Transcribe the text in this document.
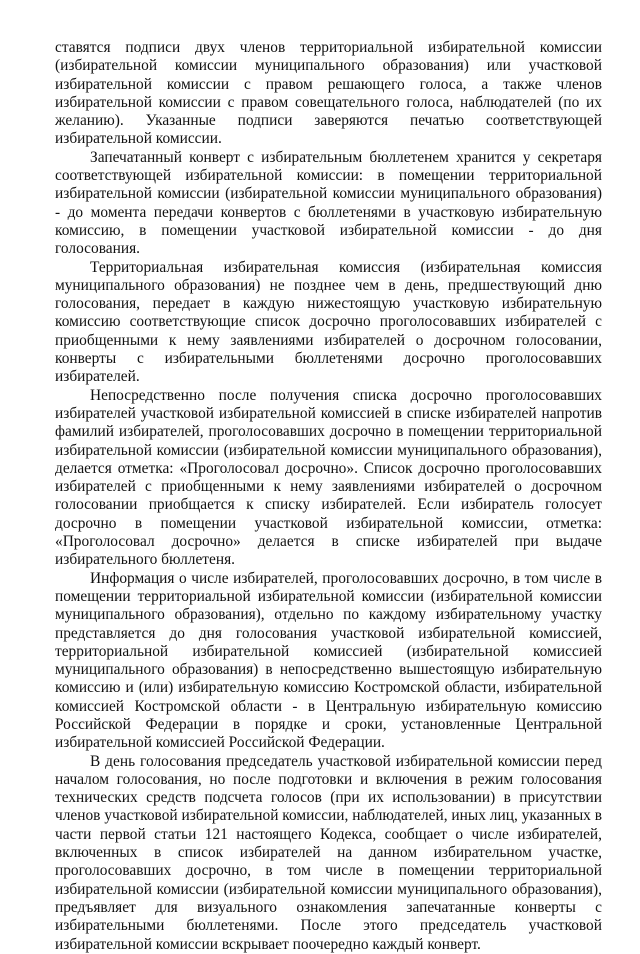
ставятся подписи двух членов территориальной избирательной комиссии (избирательной комиссии муниципального образования) или участковой избирательной комиссии с правом решающего голоса, а также членов избирательной комиссии с правом совещательного голоса, наблюдателей (по их желанию). Указанные подписи заверяются печатью соответствующей избирательной комиссии.

Запечатанный конверт с избирательным бюллетенем хранится у секретаря соответствующей избирательной комиссии: в помещении территориальной избирательной комиссии (избирательной комиссии муниципального образования) - до момента передачи конвертов с бюллетенями в участковую избирательную комиссию, в помещении участковой избирательной комиссии - до дня голосования.

Территориальная избирательная комиссия (избирательная комиссия муниципального образования) не позднее чем в день, предшествующий дню голосования, передает в каждую нижестоящую участковую избирательную комиссию соответствующие список досрочно проголосовавших избирателей с приобщенными к нему заявлениями избирателей о досрочном голосовании, конверты с избирательными бюллетенями досрочно проголосовавших избирателей.

Непосредственно после получения списка досрочно проголосовавших избирателей участковой избирательной комиссией в списке избирателей напротив фамилий избирателей, проголосовавших досрочно в помещении территориальной избирательной комиссии (избирательной комиссии муниципального образования), делается отметка: «Проголосовал досрочно». Список досрочно проголосовавших избирателей с приобщенными к нему заявлениями избирателей о досрочном голосовании приобщается к списку избирателей. Если избиратель голосует досрочно в помещении участковой избирательной комиссии, отметка: «Проголосовал досрочно» делается в списке избирателей при выдаче избирательного бюллетеня.

Информация о числе избирателей, проголосовавших досрочно, в том числе в помещении территориальной избирательной комиссии (избирательной комиссии муниципального образования), отдельно по каждому избирательному участку представляется до дня голосования участковой избирательной комиссией, территориальной избирательной комиссией (избирательной комиссией муниципального образования) в непосредственно вышестоящую избирательную комиссию и (или) избирательную комиссию Костромской области, избирательной комиссией Костромской области - в Центральную избирательную комиссию Российской Федерации в порядке и сроки, установленные Центральной избирательной комиссией Российской Федерации.

В день голосования председатель участковой избирательной комиссии перед началом голосования, но после подготовки и включения в режим голосования технических средств подсчета голосов (при их использовании) в присутствии членов участковой избирательной комиссии, наблюдателей, иных лиц, указанных в части первой статьи 121 настоящего Кодекса, сообщает о числе избирателей, включенных в список избирателей на данном избирательном участке, проголосовавших досрочно, в том числе в помещении территориальной избирательной комиссии (избирательной комиссии муниципального образования), предъявляет для визуального ознакомления запечатанные конверты с избирательными бюллетенями. После этого председатель участковой избирательной комиссии вскрывает поочередно каждый конверт.
